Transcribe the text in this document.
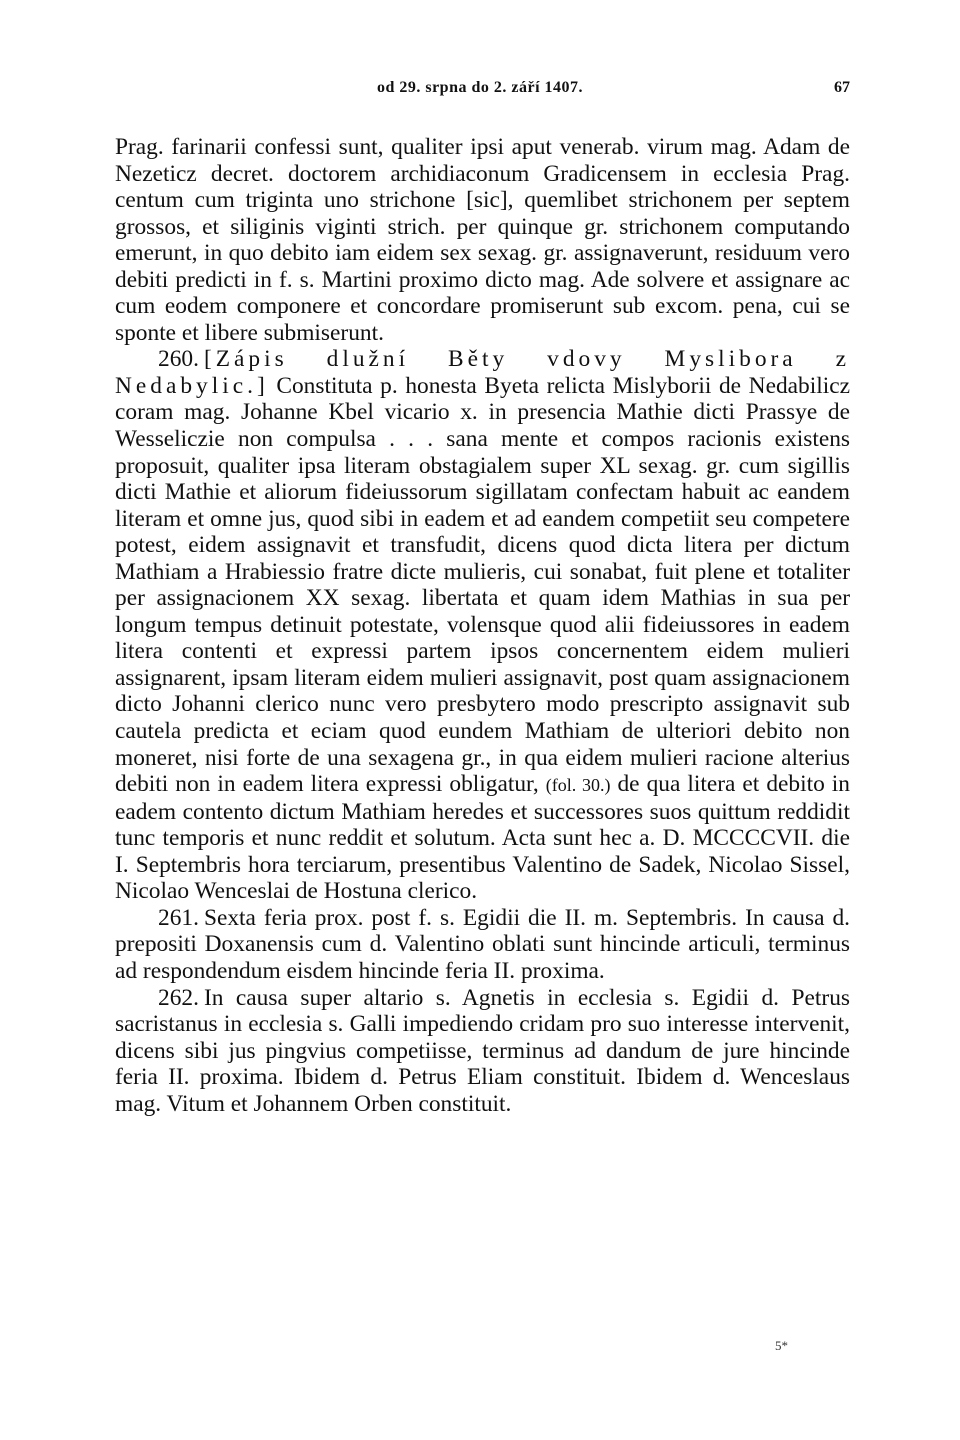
od 29. srpna do 2. září 1407.	67

Prag. farinarii confessi sunt, qualiter ipsi aput venerab. virum mag. Adam de Nezeticz decret. doctorem archidiaconum Gradicensem in ecclesia Prag. centum cum triginta uno strichone [sic], quemlibet strichonem per septem grossos, et siliginis viginti strich. per quinque gr. strichonem computando emerunt, in quo debito iam eidem sex sexag. gr. assignaverunt, residuum vero debiti predicti in f. s. Martini proximo dicto mag. Ade solvere et assignare ac cum eodem componere et concordare promiserunt sub excom. pena, cui se sponte et libere submiserunt.

260. [Zápis dlužní Běty vdovy Myslibora z Nedabylic.] Constituta p. honesta Byeta relicta Mislyborii de Nedabilicz coram mag. Johanne Kbel vicario x. in presencia Mathie dicti Prassye de Wesseliczie non compulsa . . . sana mente et compos racionis existens proposuit, qualiter ipsa literam obstagialem super XL sexag. gr. cum sigillis dicti Mathie et aliorum fideiussorum sigillatam confectam habuit ac eandem literam et omne jus, quod sibi in eadem et ad eandem competiit seu competere potest, eidem assignavit et transfudit, dicens quod dicta litera per dictum Mathiam a Hrabiessio fratre dicte mulieris, cui sonabat, fuit plene et totaliter per assignacionem XX sexag. libertata et quam idem Mathias in sua per longum tempus detinuit potestate, volensque quod alii fideiussores in eadem litera contenti et expressi partem ipsos concernentem eidem mulieri assignarent, ipsam literam eidem mulieri assignavit, post quam assignacionem dicto Johanni clerico nunc vero presbytero modo prescripto assignavit sub cautela predicta et eciam quod eundem Mathiam de ulteriori debito non moneret, nisi forte de una sexagena gr., in qua eidem mulieri racione alterius debiti non in eadem litera expressi obligatur, (fol. 30.) de qua litera et debito in eadem contento dictum Mathiam heredes et successores suos quittum reddidit tunc temporis et nunc reddit et solutum. Acta sunt hec a. D. MCCCCVII. die I. Septembris hora terciarum, presentibus Valentino de Sadek, Nicolao Sissel, Nicolao Wenceslai de Hostuna clerico.

261. Sexta feria prox. post f. s. Egidii die II. m. Septembris. In causa d. prepositi Doxanensis cum d. Valentino oblati sunt hincinde articuli, terminus ad respondendum eisdem hincinde feria II. proxima.

262. In causa super altario s. Agnetis in ecclesia s. Egidii d. Petrus sacristanus in ecclesia s. Galli impediendo cridam pro suo interesse intervenit, dicens sibi jus pingvius competiisse, terminus ad dandum de jure hincinde feria II. proxima. Ibidem d. Petrus Eliam constituit. Ibidem d. Wenceslaus mag. Vitum et Johannem Orben constituit.

5*
